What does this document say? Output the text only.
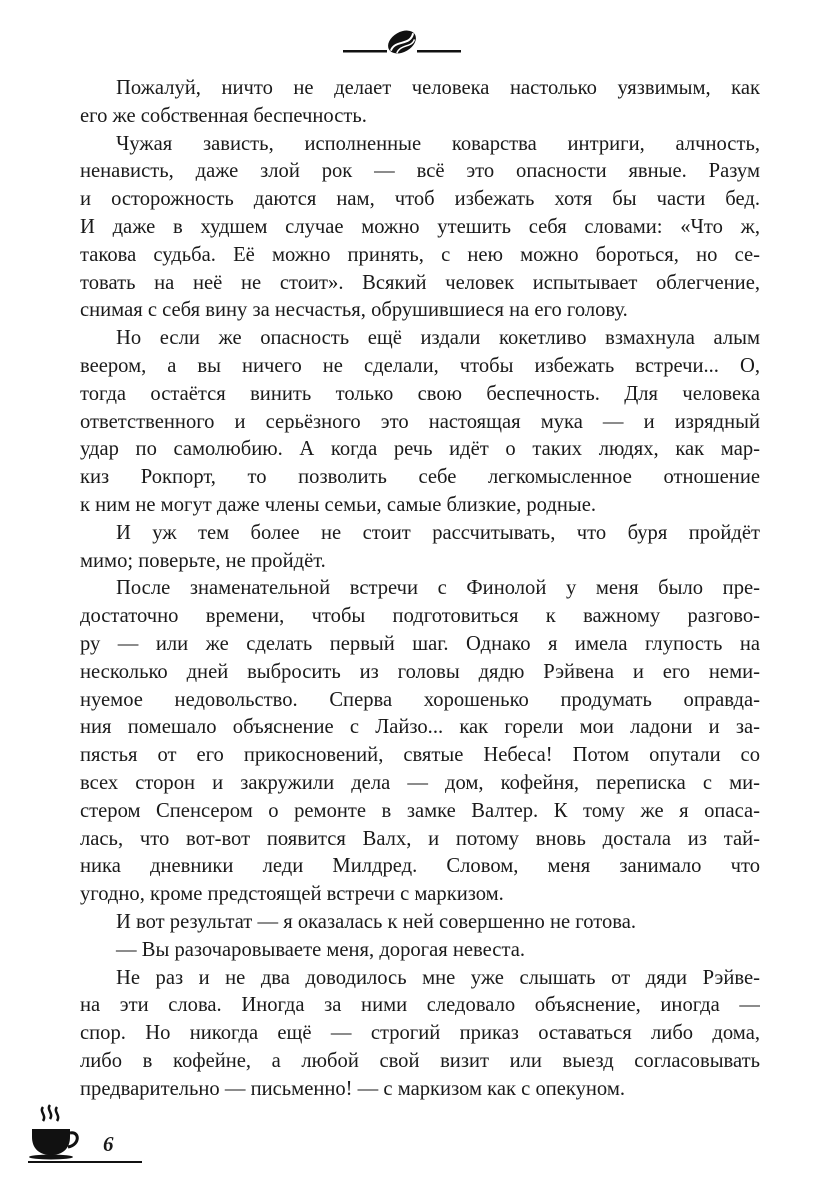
Пожалуй, ничто не делает человека настолько уязвимым, как
его же собственная беспечность.
Чужая зависть, исполненные коварства интриги, алчность,
ненависть, даже злой рок — всё это опасности явные. Разум
и осторожность даются нам, чтоб избежать хотя бы части бед.
И даже в худшем случае можно утешить себя словами: «Что ж,
такова судьба. Её можно принять, с нею можно бороться, но се-
товать на неё не стоит». Всякий человек испытывает облегчение,
снимая с себя вину за несчастья, обрушившиеся на его голову.
Но если же опасность ещё издали кокетливо взмахнула алым
веером, а вы ничего не сделали, чтобы избежать встречи... О,
тогда остаётся винить только свою беспечность. Для человека
ответственного и серьёзного это настоящая мука — и изрядный
удар по самолюбию. А когда речь идёт о таких людях, как мар-
киз Рокпорт, то позволить себе легкомысленное отношение
к ним не могут даже члены семьи, самые близкие, родные.
И уж тем более не стоит рассчитывать, что буря пройдёт
мимо; поверьте, не пройдёт.
После знаменательной встречи с Финолой у меня было пре-
достаточно времени, чтобы подготовиться к важному разгово-
ру — или же сделать первый шаг. Однако я имела глупость на
несколько дней выбросить из головы дядю Рэйвена и его неми-
нуемое недовольство. Сперва хорошенько продумать оправда-
ния помешало объяснение с Лайзо... как горели мои ладони и за-
пястья от его прикосновений, святые Небеса! Потом опутали со
всех сторон и закружили дела — дом, кофейня, переписка с ми-
стером Спенсером о ремонте в замке Валтер. К тому же я опаса-
лась, что вот-вот появится Валх, и потому вновь достала из тай-
ника дневники леди Милдред. Словом, меня занимало что
угодно, кроме предстоящей встречи с маркизом.
И вот результат — я оказалась к ней совершенно не готова.
— Вы разочаровываете меня, дорогая невеста.
Не раз и не два доводилось мне уже слышать от дяди Рэйве-
на эти слова. Иногда за ними следовало объяснение, иногда —
спор. Но никогда ещё — строгий приказ оставаться либо дома,
либо в кофейне, а любой свой визит или выезд согласовывать
предварительно — письменно! — с маркизом как с опекуном.
6
